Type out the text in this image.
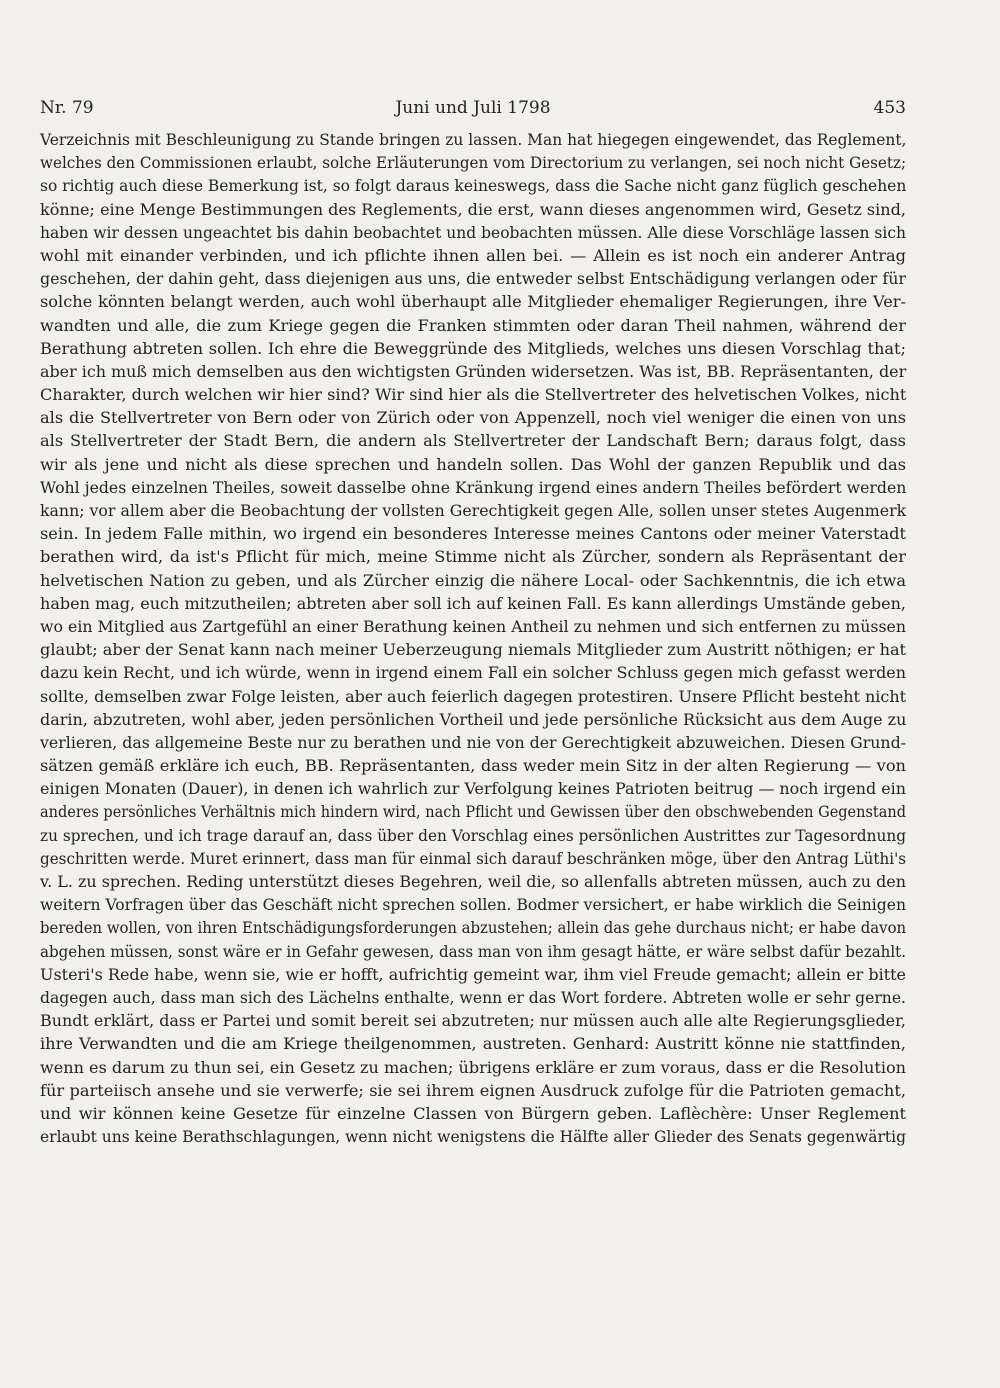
Nr. 79	Juni und Juli 1798	453
Verzeichnis mit Beschleunigung zu Stande bringen zu lassen. Man hat hiegegen eingewendet, das Reglement,
welches den Commissionen erlaubt, solche Erläuterungen vom Directorium zu verlangen, sei noch nicht Gesetz;
so richtig auch diese Bemerkung ist, so folgt daraus keineswegs, dass die Sache nicht ganz füglich geschehen
könne; eine Menge Bestimmungen des Reglements, die erst, wann dieses angenommen wird, Gesetz sind,
haben wir dessen ungeachtet bis dahin beobachtet und beobachten müssen. Alle diese Vorschläge lassen sich
wohl mit einander verbinden, und ich pflichte ihnen allen bei. — Allein es ist noch ein anderer Antrag
geschehen, der dahin geht, dass diejenigen aus uns, die entweder selbst Entschädigung verlangen oder für
solche könnten belangt werden, auch wohl überhaupt alle Mitglieder ehemaliger Regierungen, ihre Ver-
wandten und alle, die zum Kriege gegen die Franken stimmten oder daran Theil nahmen, während der
Berathung abtreten sollen. Ich ehre die Beweggründe des Mitglieds, welches uns diesen Vorschlag that;
aber ich muß mich demselben aus den wichtigsten Gründen widersetzen. Was ist, BB. Repräsentanten, der
Charakter, durch welchen wir hier sind? Wir sind hier als die Stellvertreter des helvetischen Volkes, nicht
als die Stellvertreter von Bern oder von Zürich oder von Appenzell, noch viel weniger die einen von uns
als Stellvertreter der Stadt Bern, die andern als Stellvertreter der Landschaft Bern; daraus folgt, dass
wir als jene und nicht als diese sprechen und handeln sollen. Das Wohl der ganzen Republik und das
Wohl jedes einzelnen Theiles, soweit dasselbe ohne Kränkung irgend eines andern Theiles befördert werden
kann; vor allem aber die Beobachtung der vollsten Gerechtigkeit gegen Alle, sollen unser stetes Augenmerk
sein. In jedem Falle mithin, wo irgend ein besonderes Interesse meines Cantons oder meiner Vaterstadt
berathen wird, da ist's Pflicht für mich, meine Stimme nicht als Zürcher, sondern als Repräsentant der
helvetischen Nation zu geben, und als Zürcher einzig die nähere Local- oder Sachkenntnis, die ich etwa
haben mag, euch mitzutheilen; abtreten aber soll ich auf keinen Fall. Es kann allerdings Umstände geben,
wo ein Mitglied aus Zartgefühl an einer Berathung keinen Antheil zu nehmen und sich entfernen zu müssen
glaubt; aber der Senat kann nach meiner Ueberzeugung niemals Mitglieder zum Austritt nöthigen; er hat
dazu kein Recht, und ich würde, wenn in irgend einem Fall ein solcher Schluss gegen mich gefasst werden
sollte, demselben zwar Folge leisten, aber auch feierlich dagegen protestiren. Unsere Pflicht besteht nicht
darin, abzutreten, wohl aber, jeden persönlichen Vortheil und jede persönliche Rücksicht aus dem Auge zu
verlieren, das allgemeine Beste nur zu berathen und nie von der Gerechtigkeit abzuweichen. Diesen Grund-
sätzen gemäß erkläre ich euch, BB. Repräsentanten, dass weder mein Sitz in der alten Regierung — von
einigen Monaten (Dauer), in denen ich wahrlich zur Verfolgung keines Patrioten beitrug — noch irgend ein
anderes persönliches Verhältnis mich hindern wird, nach Pflicht und Gewissen über den obschwebenden Gegenstand
zu sprechen, und ich trage darauf an, dass über den Vorschlag eines persönlichen Austrittes zur Tagesordnung
geschritten werde. Muret erinnert, dass man für einmal sich darauf beschränken möge, über den Antrag Lüthi's
v. L. zu sprechen. Reding unterstützt dieses Begehren, weil die, so allenfalls abtreten müssen, auch zu den
weitern Vorfragen über das Geschäft nicht sprechen sollen. Bodmer versichert, er habe wirklich die Seinigen
bereden wollen, von ihren Entschädigungsforderungen abzustehen; allein das gehe durchaus nicht; er habe davon
abgehen müssen, sonst wäre er in Gefahr gewesen, dass man von ihm gesagt hätte, er wäre selbst dafür bezahlt.
Usteri's Rede habe, wenn sie, wie er hofft, aufrichtig gemeint war, ihm viel Freude gemacht; allein er bitte
dagegen auch, dass man sich des Lächelns enthalte, wenn er das Wort fordere. Abtreten wolle er sehr gerne.
Bundt erklärt, dass er Partei und somit bereit sei abzutreten; nur müssen auch alle alte Regierungsglieder,
ihre Verwandten und die am Kriege theilgenommen, austreten. Genhard: Austritt könne nie stattfinden,
wenn es darum zu thun sei, ein Gesetz zu machen; übrigens erkläre er zum voraus, dass er die Resolution
für parteiisch ansehe und sie verwerfe; sie sei ihrem eignen Ausdruck zufolge für die Patrioten gemacht,
und wir können keine Gesetze für einzelne Classen von Bürgern geben. Laflèchère: Unser Reglement
erlaubt uns keine Berathschlagungen, wenn nicht wenigstens die Hälfte aller Glieder des Senats gegenwärtig
